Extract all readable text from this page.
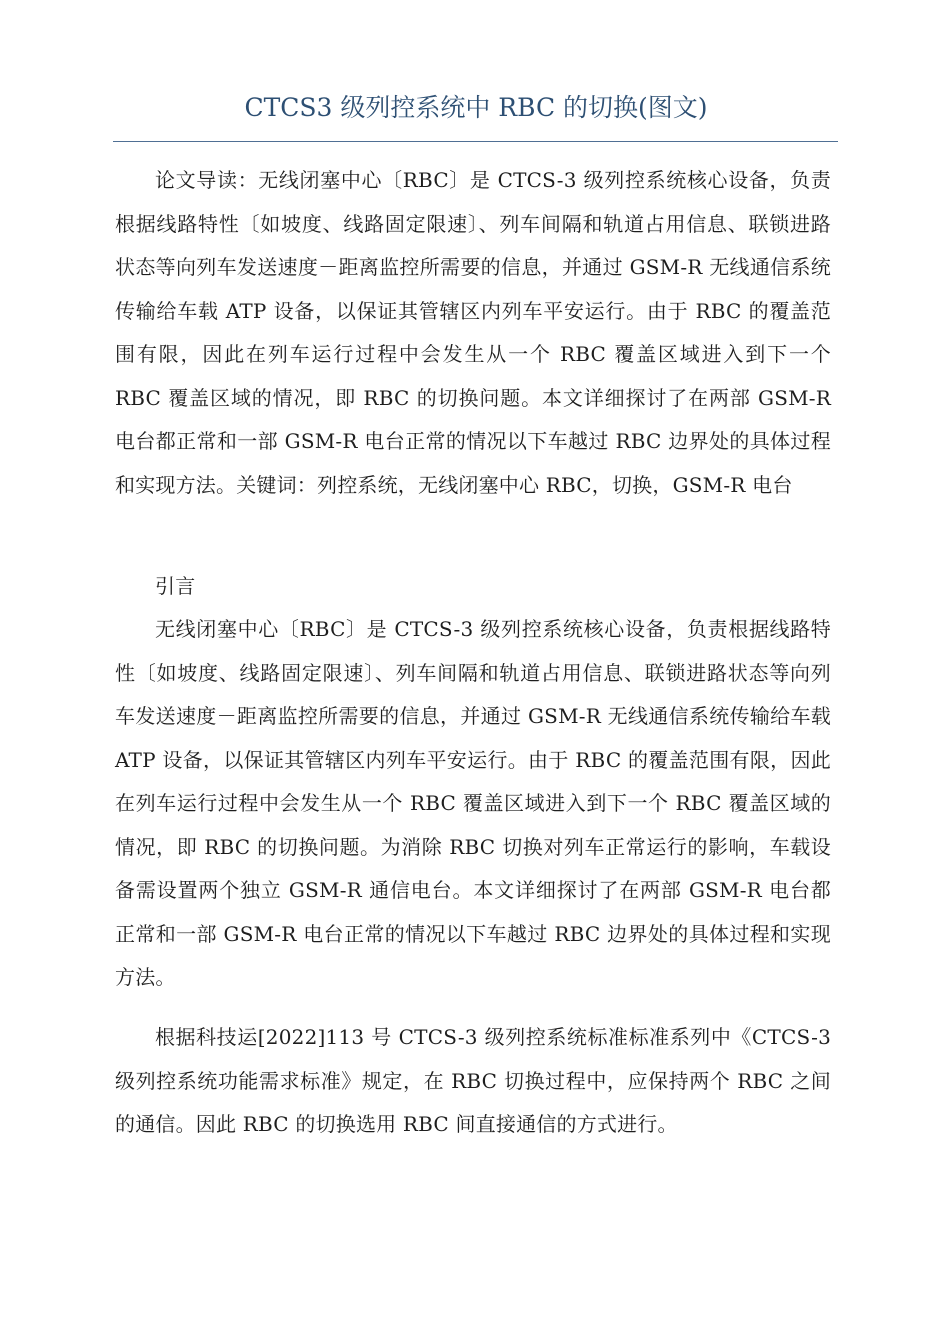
CTCS3 级列控系统中 RBC 的切换(图文)

论文导读：无线闭塞中心〔RBC〕是 CTCS-3 级列控系统核心设备，负责根据线路特性〔如坡度、线路固定限速〕、列车间隔和轨道占用信息、联锁进路状态等向列车发送速度－距离监控所需要的信息，并通过 GSM-R 无线通信系统传输给车载 ATP 设备，以保证其管辖区内列车平安运行。由于 RBC 的覆盖范围有限，因此在列车运行过程中会发生从一个 RBC 覆盖区域进入到下一个 RBC 覆盖区域的情况，即 RBC 的切换问题。本文详细探讨了在两部 GSM-R 电台都正常和一部 GSM-R 电台正常的情况以下车越过 RBC 边界处的具体过程和实现方法。关键词：列控系统，无线闭塞中心 RBC，切换，GSM-R 电台

引言

无线闭塞中心〔RBC〕是 CTCS-3 级列控系统核心设备，负责根据线路特性〔如坡度、线路固定限速〕、列车间隔和轨道占用信息、联锁进路状态等向列车发送速度－距离监控所需要的信息，并通过 GSM-R 无线通信系统传输给车载 ATP 设备，以保证其管辖区内列车平安运行。由于 RBC 的覆盖范围有限，因此在列车运行过程中会发生从一个 RBC 覆盖区域进入到下一个 RBC 覆盖区域的情况，即 RBC 的切换问题。为消除 RBC 切换对列车正常运行的影响，车载设备需设置两个独立 GSM-R 通信电台。本文详细探讨了在两部 GSM-R 电台都正常和一部 GSM-R 电台正常的情况以下车越过 RBC 边界处的具体过程和实现方法。

根据科技运[2022]113 号 CTCS-3 级列控系统标准标准系列中《CTCS-3 级列控系统功能需求标准》规定，在 RBC 切换过程中，应保持两个 RBC 之间的通信。因此 RBC 的切换选用 RBC 间直接通信的方式进行。
